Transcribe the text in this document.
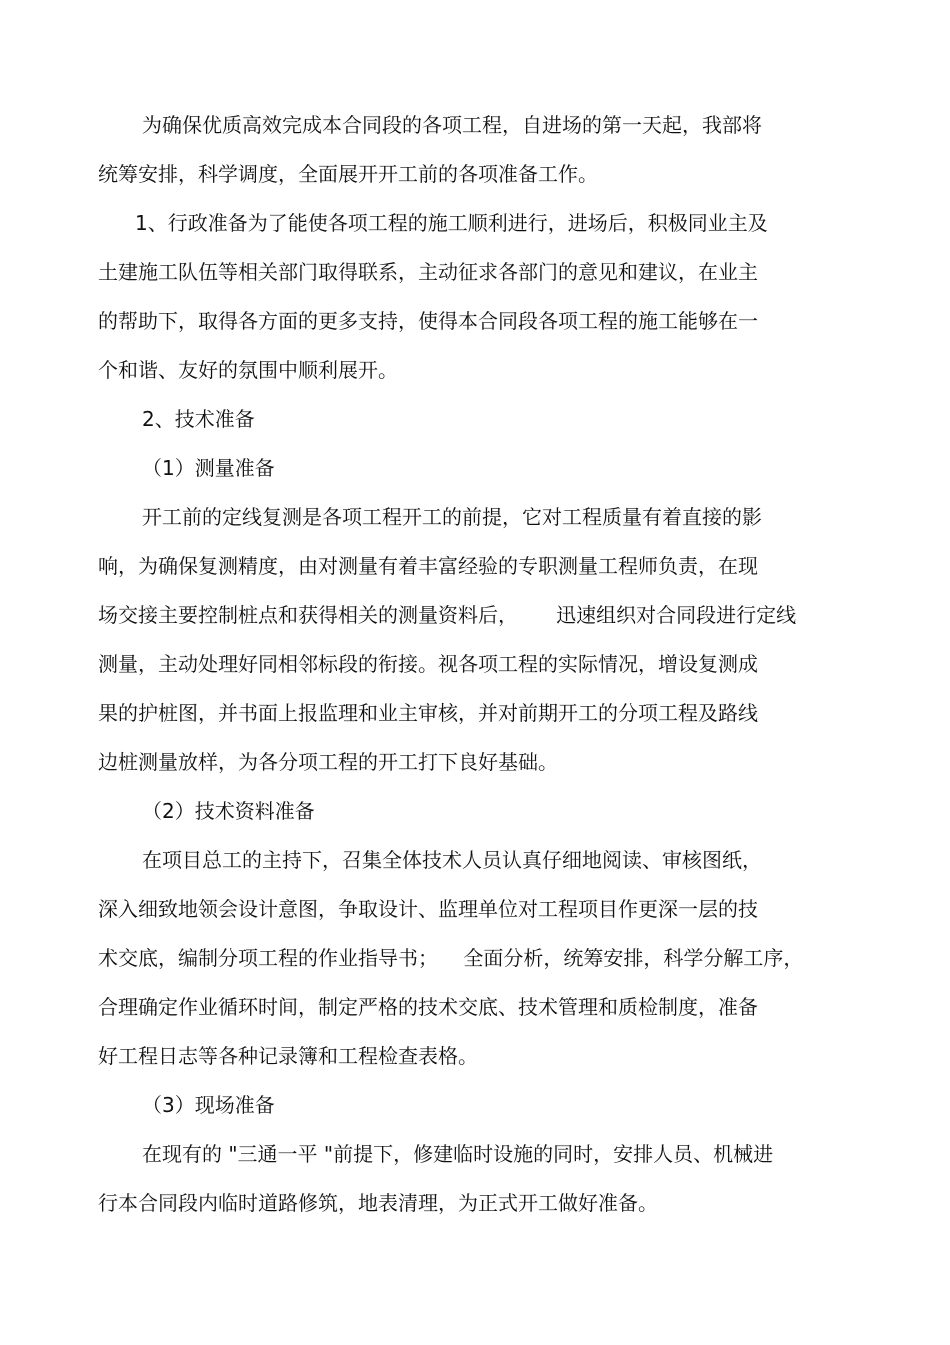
为确保优质高效完成本合同段的各项工程，自进场的第一天起，我部将
统筹安排，科学调度，全面展开开工前的各项准备工作。
1、行政准备为了能使各项工程的施工顺利进行，进场后，积极同业主及
土建施工队伍等相关部门取得联系，主动征求各部门的意见和建议，在业主
的帮助下，取得各方面的更多支持，使得本合同段各项工程的施工能够在一
个和谐、友好的氛围中顺利展开。
2、技术准备
（1）测量准备
开工前的定线复测是各项工程开工的前提，它对工程质量有着直接的影
响，为确保复测精度，由对测量有着丰富经验的专职测量工程师负责，在现
场交接主要控制桩点和获得相关的测量资料后，      迅速组织对合同段进行定线
测量，主动处理好同相邻标段的衔接。视各项工程的实际情况，增设复测成
果的护桩图，并书面上报监理和业主审核，并对前期开工的分项工程及路线
边桩测量放样，为各分项工程的开工打下良好基础。
（2）技术资料准备
在项目总工的主持下，召集全体技术人员认真仔细地阅读、审核图纸，
深入细致地领会设计意图，争取设计、监理单位对工程项目作更深一层的技
术交底，编制分项工程的作业指导书；    全面分析，统筹安排，科学分解工序，
合理确定作业循环时间，制定严格的技术交底、技术管理和质检制度，准备
好工程日志等各种记录簿和工程检查表格。
（3）现场准备
在现有的 "三通一平 "前提下，修建临时设施的同时，安排人员、机械进
行本合同段内临时道路修筑，地表清理，为正式开工做好准备。
